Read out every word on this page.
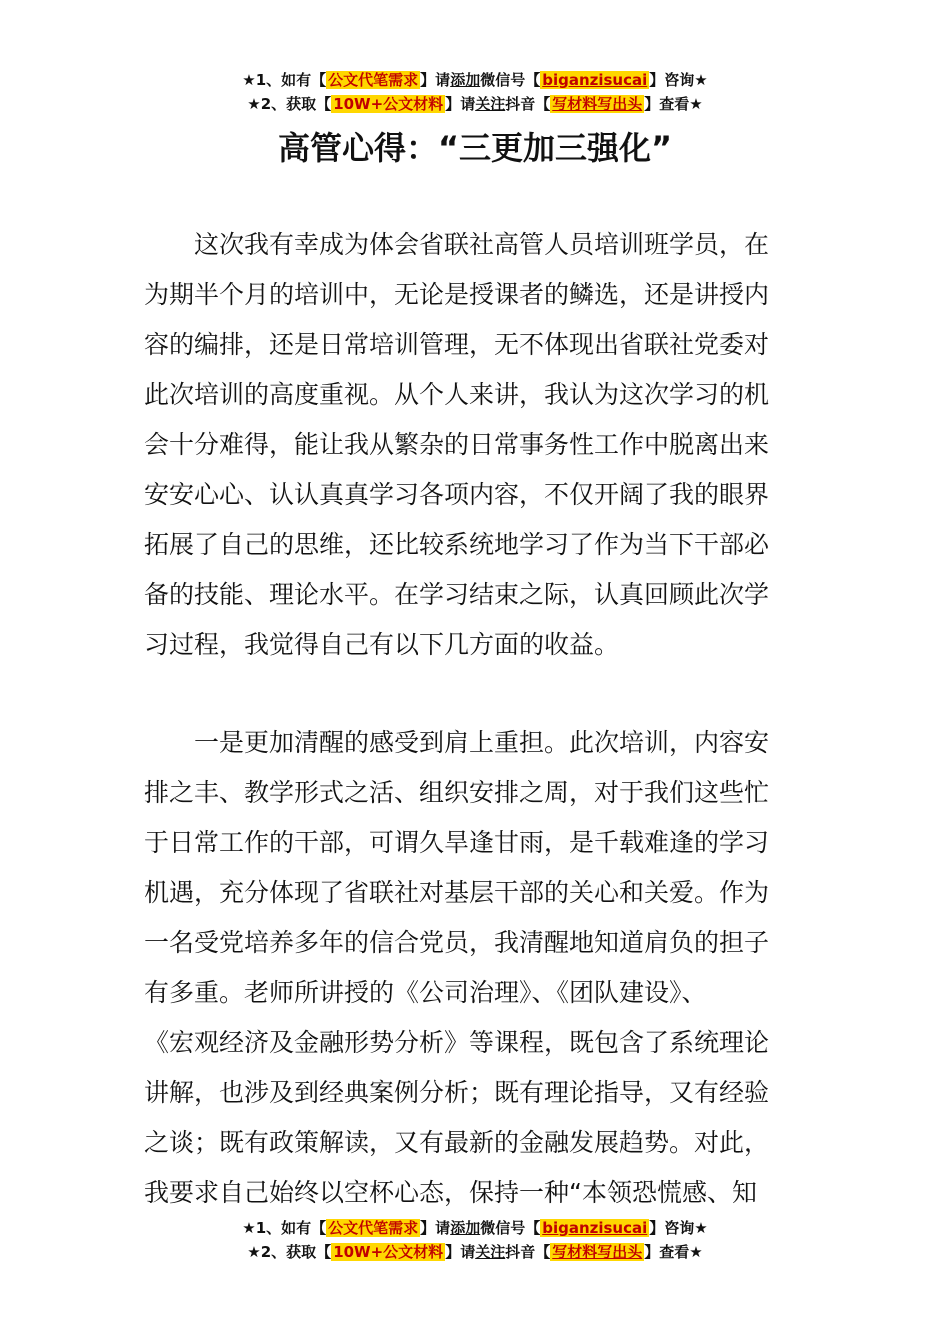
★1、如有【 公文代笔需求 】请添加微信号【 biganzisucai 】咨询★
★2、获取【 10W+公文材料 】请关注抖音【 写材料写出头 】查看★
高管心得：“三更加三强化”
　　这次我有幸成为体会省联社高管人员培训班学员，在
为期半个月的培训中，无论是授课者的鳞选，还是讲授内
容的编排，还是日常培训管理，无不体现出省联社党委对
此次培训的高度重视。从个人来讲，我认为这次学习的机
会十分难得，能让我从繁杂的日常事务性工作中脱离出来
安安心心、认认真真学习各项内容，不仅开阔了我的眼界
拓展了自己的思维，还比较系统地学习了作为当下干部必
备的技能、理论水平。在学习结束之际，认真回顾此次学
习过程，我觉得自己有以下几方面的收益。
　　一是更加清醒的感受到肩上重担。此次培训，内容安
排之丰、教学形式之活、组织安排之周，对于我们这些忙
于日常工作的干部，可谓久旱逢甘雨，是千载难逢的学习
机遇，充分体现了省联社对基层干部的关心和关爱。作为
一名受党培养多年的信合党员，我清醒地知道肩负的担子
有多重。老师所讲授的《公司治理》、《团队建设》、
《宏观经济及金融形势分析》等课程，既包含了系统理论
讲解，也涉及到经典案例分析；既有理论指导，又有经验
之谈；既有政策解读，又有最新的金融发展趋势。对此，
我要求自己始终以空杯心态，保持一种“本领恐慌感、知
★1、如有【 公文代笔需求 】请添加微信号【 biganzisucai 】咨询★
★2、获取【 10W+公文材料 】请关注抖音【 写材料写出头 】查看★
